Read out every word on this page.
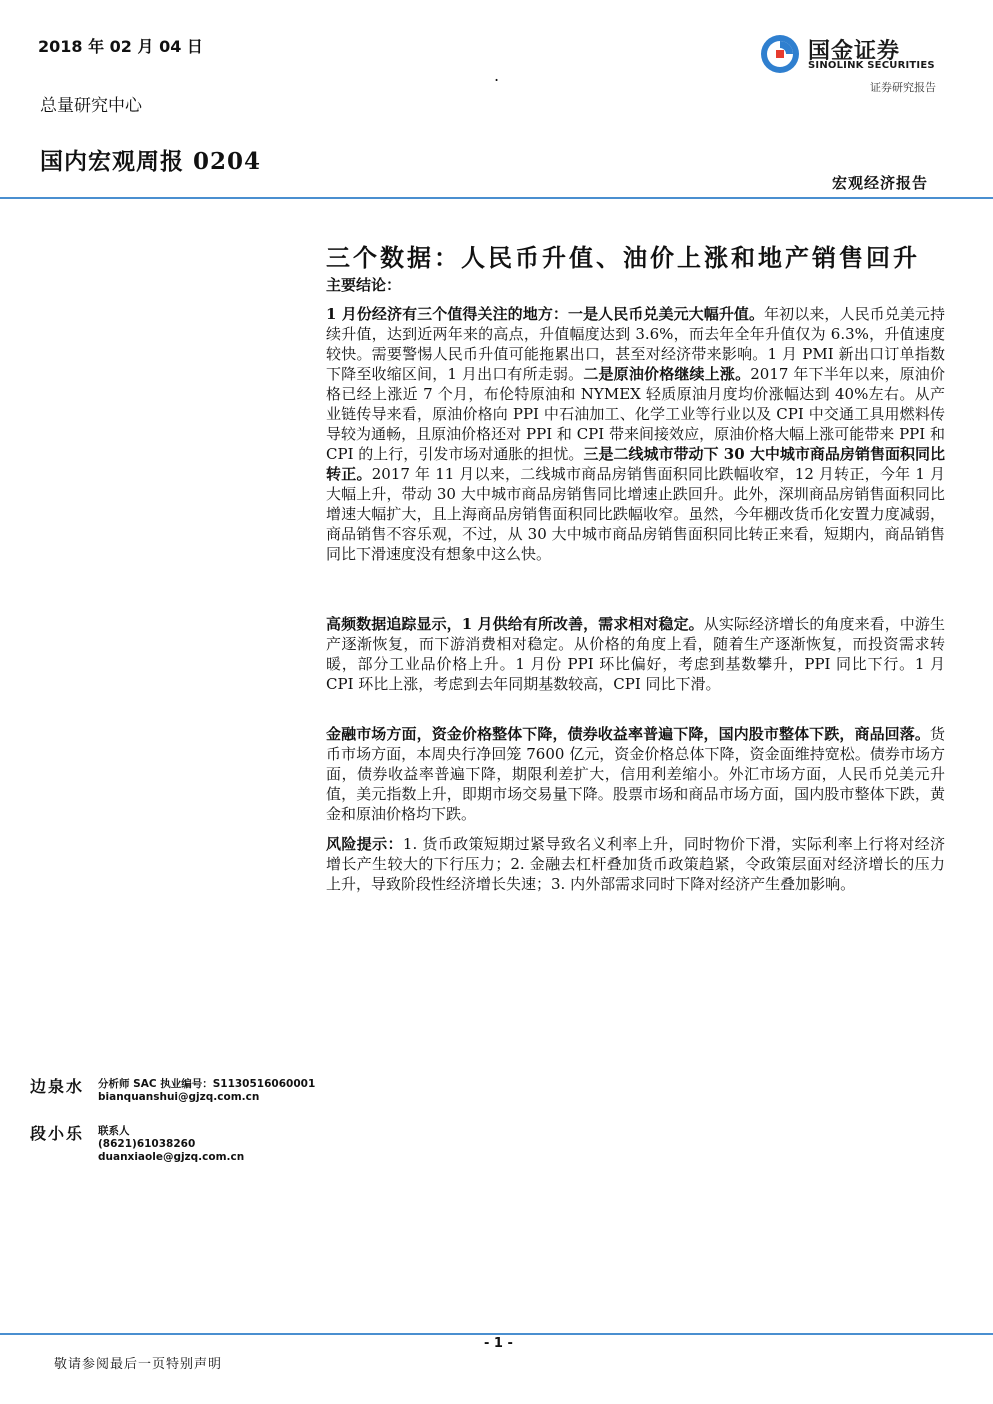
2018 年 02 月 04 日
.
总量研究中心
国内宏观周报 0204
国金证券
SINOLINK SECURITIES
证券研究报告
宏观经济报告
三个数据：人民币升值、油价上涨和地产销售回升
主要结论：
1 月份经济有三个值得关注的地方：一是人民币兑美元大幅升值。年初以来，人民币兑美元持续升值，达到近两年来的高点，升值幅度达到 3.6%，而去年全年升值仅为 6.3%，升值速度较快。需要警惕人民币升值可能拖累出口，甚至对经济带来影响。1 月 PMI 新出口订单指数下降至收缩区间，1 月出口有所走弱。二是原油价格继续上涨。2017 年下半年以来，原油价格已经上涨近 7 个月，布伦特原油和 NYMEX 轻质原油月度均价涨幅达到 40%左右。从产业链传导来看，原油价格向 PPI 中石油加工、化学工业等行业以及 CPI 中交通工具用燃料传导较为通畅，且原油价格还对 PPI 和 CPI 带来间接效应，原油价格大幅上涨可能带来 PPI 和 CPI 的上行，引发市场对通胀的担忧。三是二线城市带动下 30 大中城市商品房销售面积同比转正。2017 年 11 月以来，二线城市商品房销售面积同比跌幅收窄，12 月转正，今年 1 月大幅上升，带动 30 大中城市商品房销售同比增速止跌回升。此外，深圳商品房销售面积同比增速大幅扩大，且上海商品房销售面积同比跌幅收窄。虽然，今年棚改货币化安置力度减弱，商品销售不容乐观，不过，从 30 大中城市商品房销售面积同比转正来看，短期内，商品销售同比下滑速度没有想象中这么快。
高频数据追踪显示，1 月供给有所改善，需求相对稳定。从实际经济增长的角度来看，中游生产逐渐恢复，而下游消费相对稳定。从价格的角度上看，随着生产逐渐恢复，而投资需求转暖，部分工业品价格上升。1 月份 PPI 环比偏好，考虑到基数攀升，PPI 同比下行。1 月 CPI 环比上涨，考虑到去年同期基数较高，CPI 同比下滑。
金融市场方面，资金价格整体下降，债券收益率普遍下降，国内股市整体下跌，商品回落。货币市场方面，本周央行净回笼 7600 亿元，资金价格总体下降，资金面维持宽松。债券市场方面，债券收益率普遍下降，期限利差扩大，信用利差缩小。外汇市场方面，人民币兑美元升值，美元指数上升，即期市场交易量下降。股票市场和商品市场方面，国内股市整体下跌，黄金和原油价格均下跌。
风险提示：1. 货币政策短期过紧导致名义利率上升，同时物价下滑，实际利率上行将对经济增长产生较大的下行压力；2. 金融去杠杆叠加货币政策趋紧，令政策层面对经济增长的压力上升，导致阶段性经济增长失速；3. 内外部需求同时下降对经济产生叠加影响。
边泉水 分析师 SAC 执业编号：S1130516060001
bianquanshui@gjzq.com.cn
段小乐 联系人
(8621)61038260
duanxiaole@gjzq.com.cn
- 1 -
敬请参阅最后一页特别声明
